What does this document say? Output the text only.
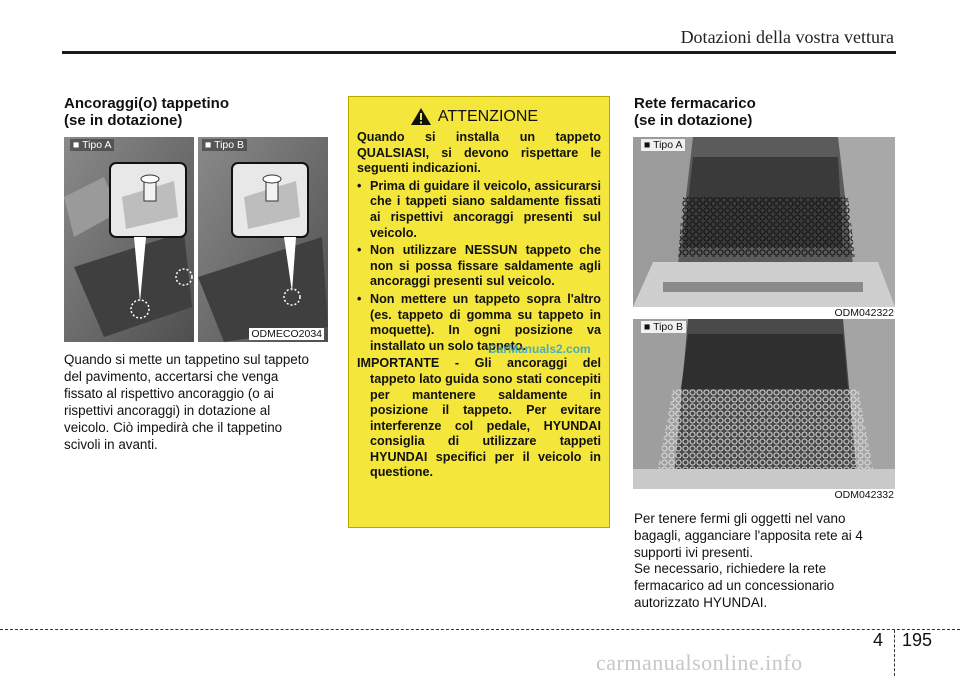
Dotazioni della vostra vettura
Ancoraggi(o) tappetino
(se in dotazione)
■ Tipo A	■ Tipo B
ODMECO2034
Quando si mette un tappetino sul tappeto
del pavimento, accertarsi che venga
fissato al rispettivo ancoraggio (o ai
rispettivi ancoraggi) in dotazione al
veicolo. Ciò impedirà che il tappetino
scivoli in avanti.
ATTENZIONE

Quando si installa un tappeto QUALSIASI, si devono rispettare le seguenti indicazioni.

• Prima di guidare il veicolo, assicurarsi che i tappeti siano saldamente fissati ai rispettivi ancoraggi presenti sul veicolo.
• Non utilizzare NESSUN tappeto che non si possa fissare saldamente agli ancoraggi presenti sul veicolo.
• Non mettere un tappeto sopra l'altro (es. tappeto di gomma su tappeto in moquette). In ogni posizione va installato un solo tappeto.
IMPORTANTE - Gli ancoraggi del tappeto lato guida sono stati concepiti per mantenere saldamente in posizione il tappeto. Per evitare interferenze col pedale, HYUNDAI consiglia di utilizzare tappeti HYUNDAI specifici per il veicolo in questione.
CarManuals2.com
Rete fermacarico
(se in dotazione)
■ Tipo A
ODM042322
■ Tipo B
ODM042332
Per tenere fermi gli oggetti nel vano
bagagli, agganciare l'apposita rete ai 4
supporti ivi presenti.
Se necessario, richiedere la rete
fermacarico ad un concessionario
autorizzato HYUNDAI.
4 195
carmanualsonline.info
